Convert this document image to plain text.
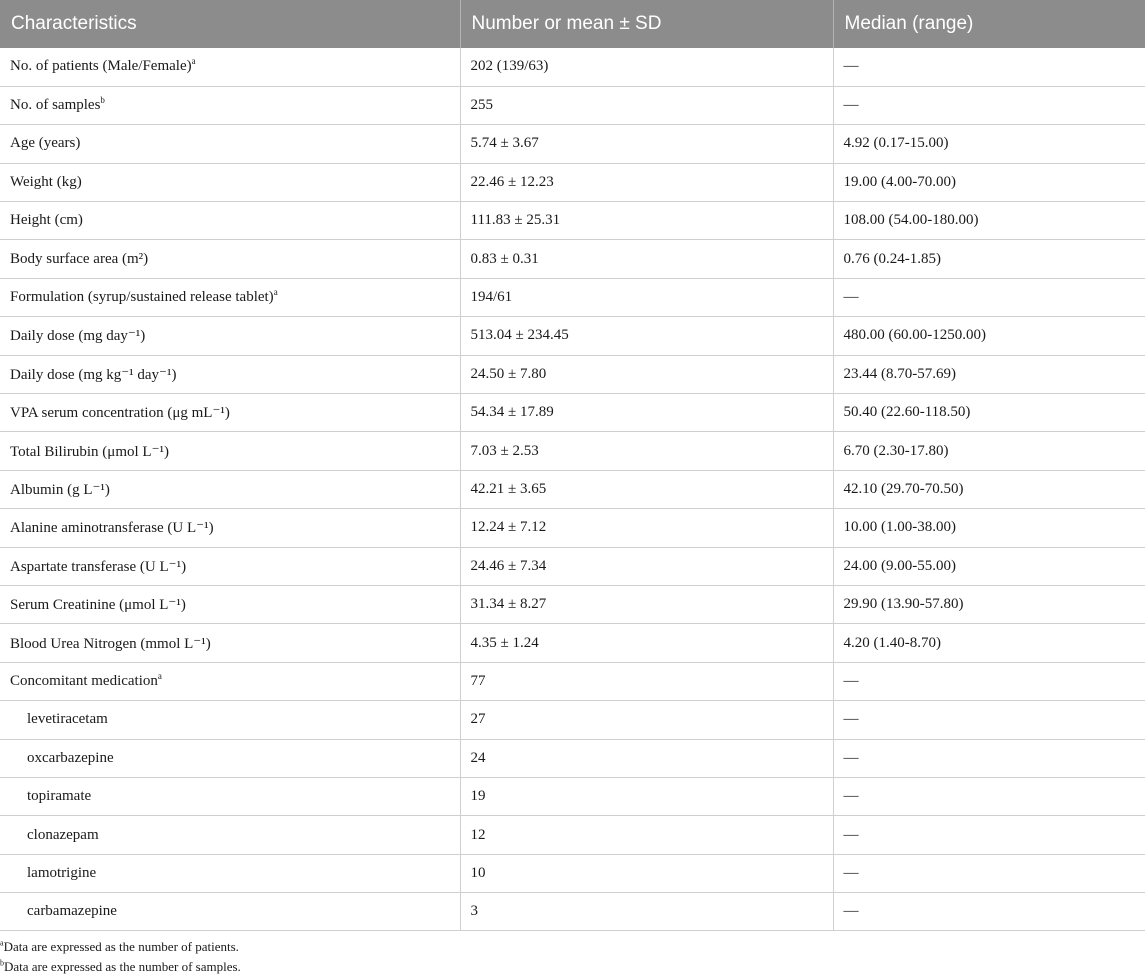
Characteristics	Number or mean ± SD	Median (range)
No. of patients (Male/Female)$^a$	202 (139/63)	—
No. of samples$^b$	255	—
Age (years)	5.74 ± 3.67	4.92 (0.17-15.00)
Weight (kg)	22.46 ± 12.23	19.00 (4.00-70.00)
Height (cm)	111.83 ± 25.31	108.00 (54.00-180.00)
Body surface area (m²)	0.83 ± 0.31	0.76 (0.24-1.85)
Formulation (syrup/sustained release tablet)$^a$	194/61	—
Daily dose (mg day⁻¹)	513.04 ± 234.45	480.00 (60.00-1250.00)
Daily dose (mg kg⁻¹ day⁻¹)	24.50 ± 7.80	23.44 (8.70-57.69)
VPA serum concentration (μg mL⁻¹)	54.34 ± 17.89	50.40 (22.60-118.50)
Total Bilirubin (μmol L⁻¹)	7.03 ± 2.53	6.70 (2.30-17.80)
Albumin (g L⁻¹)	42.21 ± 3.65	42.10 (29.70-70.50)
Alanine aminotransferase (U L⁻¹)	12.24 ± 7.12	10.00 (1.00-38.00)
Aspartate transferase (U L⁻¹)	24.46 ± 7.34	24.00 (9.00-55.00)
Serum Creatinine (μmol L⁻¹)	31.34 ± 8.27	29.90 (13.90-57.80)
Blood Urea Nitrogen (mmol L⁻¹)	4.35 ± 1.24	4.20 (1.40-8.70)
Concomitant medication$^a$	77	—
levetiracetam	27	—
oxcarbazepine	24	—
topiramate	19	—
clonazepam	12	—
lamotrigine	10	—
carbamazepine	3	—
$^a$Data are expressed as the number of patients.
$^b$Data are expressed as the number of samples.
